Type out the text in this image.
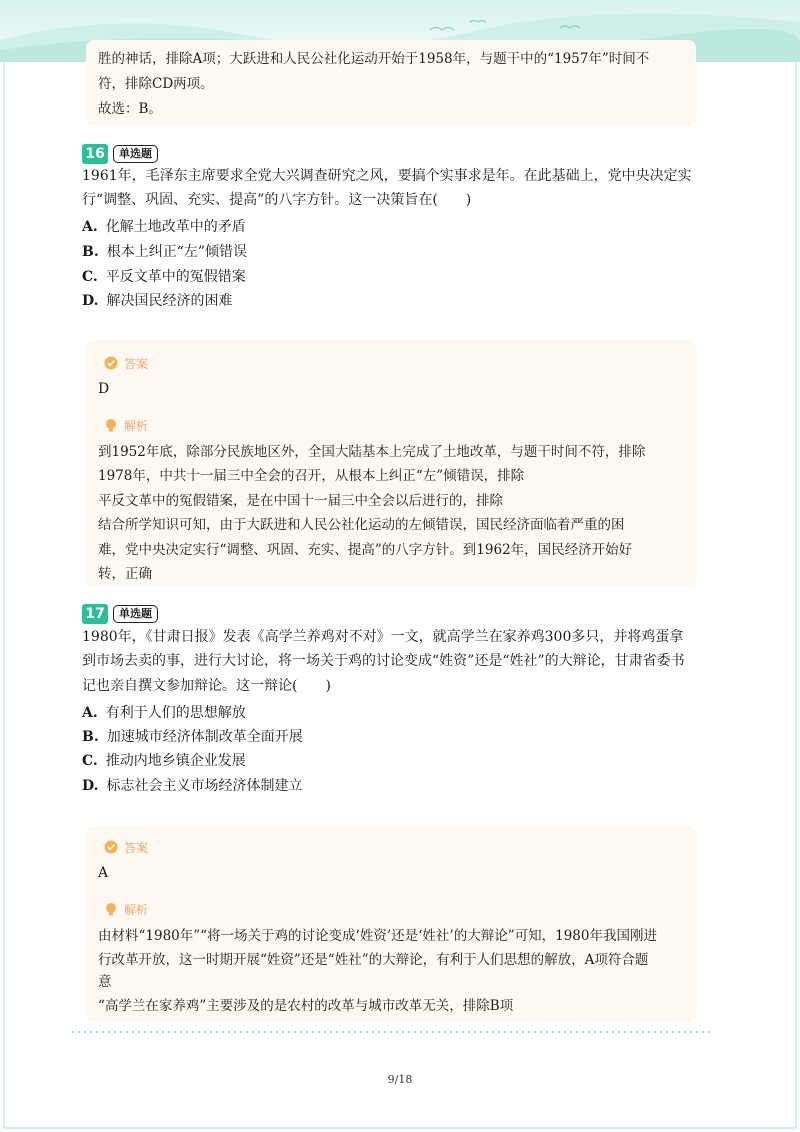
胜的神话，排除A项；大跃进和人民公社化运动开始于1958年，与题干中的“1957年”时间不
符，排除CD两项。
故选：B。
16	单选题
1961年，毛泽东主席要求全党大兴调查研究之风，要搞个实事求是年。在此基础上，党中央决定实
行“调整、巩固、充实、提高”的八字方针。这一决策旨在(　　)
A. 化解土地改革中的矛盾
B. 根本上纠正“左”倾错误
C. 平反文革中的冤假错案
D. 解决国民经济的困难
答案
D
解析
到1952年底，除部分民族地区外，全国大陆基本上完成了土地改革，与题干时间不符，排除
1978年，中共十一届三中全会的召开，从根本上纠正“左”倾错误，排除
平反文革中的冤假错案，是在中国十一届三中全会以后进行的，排除
结合所学知识可知，由于大跃进和人民公社化运动的左倾错误，国民经济面临着严重的困
难，党中央决定实行“调整、巩固、充实、提高”的八字方针。到1962年，国民经济开始好
转，正确
17	单选题
1980年，《甘肃日报》发表《高学兰养鸡对不对》一文，就高学兰在家养鸡300多只，并将鸡蛋拿
到市场去卖的事，进行大讨论，将一场关于鸡的讨论变成“姓资”还是“姓社”的大辩论，甘肃省委书
记也亲自撰文参加辩论。这一辩论(　　)
A. 有利于人们的思想解放
B. 加速城市经济体制改革全面开展
C. 推动内地乡镇企业发展
D. 标志社会主义市场经济体制建立
答案
A
解析
由材料“1980年”“将一场关于鸡的讨论变成‘姓资’还是‘姓社’的大辩论”可知，1980年我国刚进
行改革开放，这一时期开展“姓资”还是“姓社”的大辩论，有利于人们思想的解放，A项符合题
意
“高学兰在家养鸡”主要涉及的是农村的改革与城市改革无关，排除B项
9/18
